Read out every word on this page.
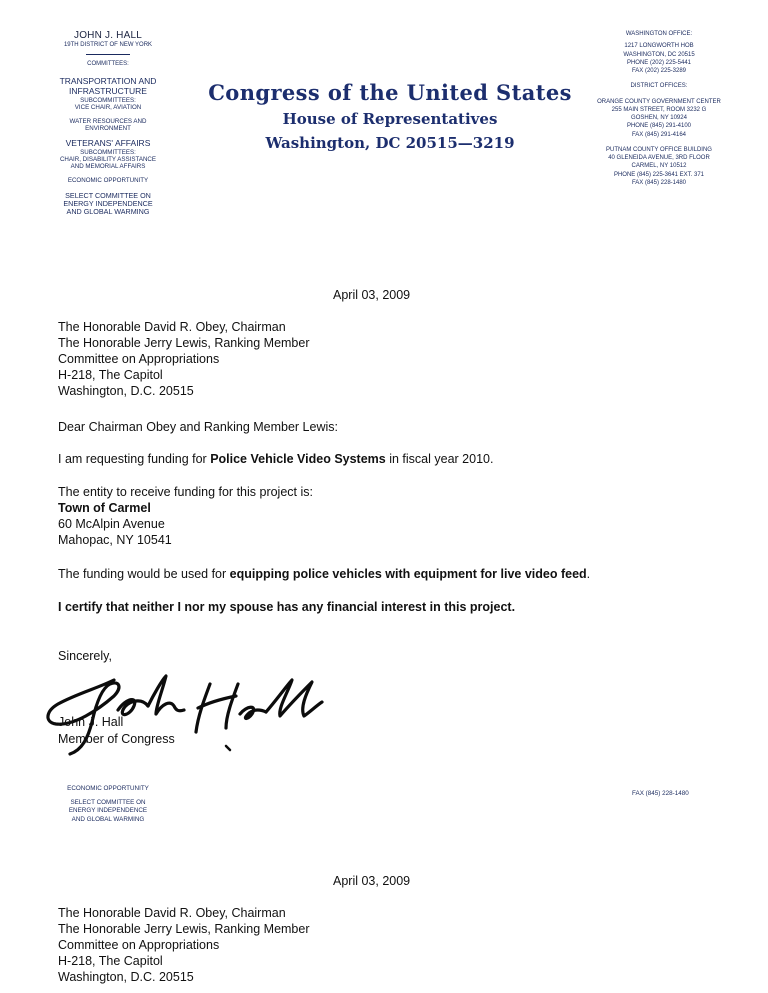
JOHN J. HALL
19TH DISTRICT OF NEW YORK
COMMITTEES:
TRANSPORTATION AND
INFRASTRUCTURE
SUBCOMMITTEES:
VICE CHAIR, AVIATION
WATER RESOURCES AND
ENVIRONMENT
VETERANS' AFFAIRS
SUBCOMMITTEES:
CHAIR, DISABILITY ASSISTANCE
AND MEMORIAL AFFAIRS
ECONOMIC OPPORTUNITY
SELECT COMMITTEE ON
ENERGY INDEPENDENCE
AND GLOBAL WARMING
Congress of the United States
House of Representatives
Washington, DC 20515—3219
WASHINGTON OFFICE:
1217 LONGWORTH HOB
WASHINGTON, DC 20515
PHONE (202) 225-5441
FAX (202) 225-3289
DISTRICT OFFICES:
ORANGE COUNTY GOVERNMENT CENTER
255 MAIN STREET, ROOM 3232 G
GOSHEN, NY 10924
PHONE (845) 291-4100
FAX (845) 291-4164
PUTNAM COUNTY OFFICE BUILDING
40 GLENEIDA AVENUE, 3RD FLOOR
CARMEL, NY 10512
PHONE (845) 225-3641 EXT. 371
FAX (845) 228-1480
April 03, 2009
The Honorable David R. Obey, Chairman
The Honorable Jerry Lewis, Ranking Member
Committee on Appropriations
H-218, The Capitol
Washington, D.C. 20515
Dear Chairman Obey and Ranking Member Lewis:
I am requesting funding for Police Vehicle Video Systems in fiscal year 2010.
The entity to receive funding for this project is:
Town of Carmel
60 McAlpin Avenue
Mahopac, NY 10541
The funding would be used for equipping police vehicles with equipment for live video feed.
I certify that neither I nor my spouse has any financial interest in this project.
Sincerely,
John J. Hall
Member of Congress
ECONOMIC OPPORTUNITY
SELECT COMMITTEE ON
ENERGY INDEPENDENCE
AND GLOBAL WARMING
FAX (845) 228-1480
April 03, 2009
The Honorable David R. Obey, Chairman
The Honorable Jerry Lewis, Ranking Member
Committee on Appropriations
H-218, The Capitol
Washington, D.C. 20515
